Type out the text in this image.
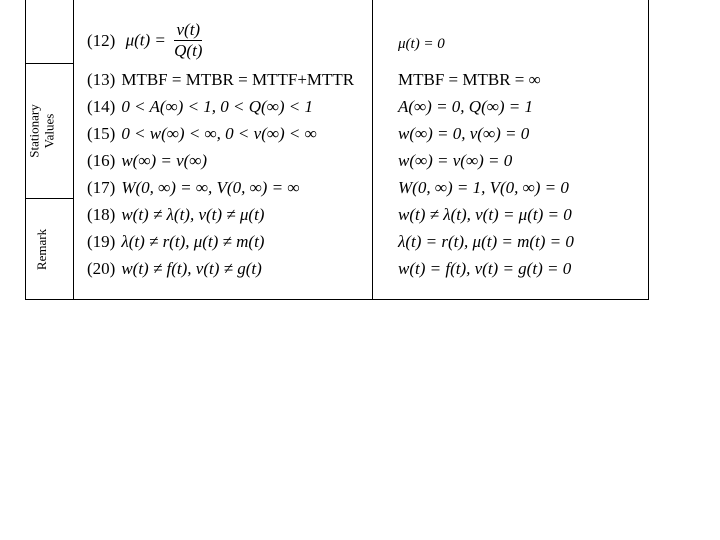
Stationary Values
Remark
(12) $\mu(t) = \frac{v(t)}{Q(t)}$	μ(t) = 0
(13) MTBF = MTBR = MTTF+MTTR	MTBF = MTBR = ∞
(14) 0 < A(∞) < 1, 0 < Q(∞) < 1	A(∞) = 0, Q(∞) = 1
(15) 0 < w(∞) < ∞, 0 < v(∞) < ∞	w(∞) = 0, v(∞) = 0
(16) w(∞) = v(∞)	w(∞) = v(∞) = 0
(17) W(0, ∞) = ∞, V(0, ∞) = ∞	W(0, ∞) = 1, V(0, ∞) = 0
(18) w(t) ≠ λ(t), v(t) ≠ μ(t)	w(t) ≠ λ(t), v(t) = μ(t) = 0
(19) λ(t) ≠ r(t), μ(t) ≠ m(t)	λ(t) = r(t), μ(t) = m(t) = 0
(20) w(t) ≠ f(t), v(t) ≠ g(t)	w(t) = f(t), v(t) = g(t) = 0
